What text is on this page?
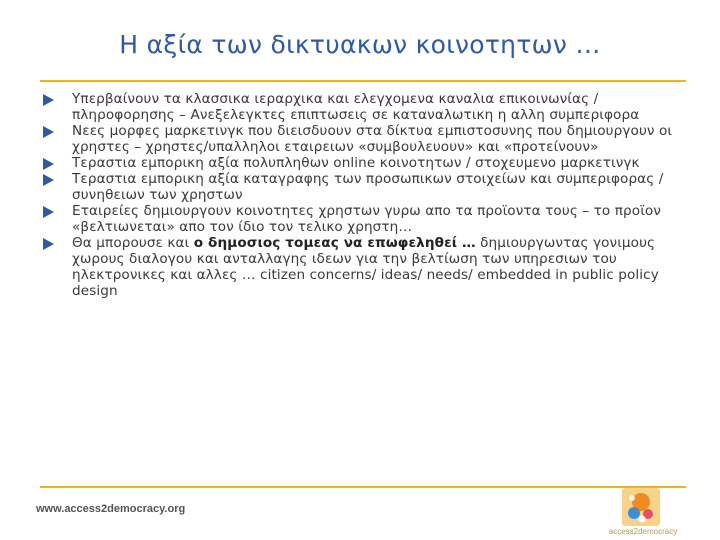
Η αξία των δικτυακων κοινοτητων …
Υπερβαίνουν τα κλασσικα ιεραρχικα και ελεγχομενα καναλια επικοινωνίας / πληροφορησης – Ανεξελεγκτες επιπτωσεις σε καταναλωτικη η αλλη συμπεριφορα
Νεες μορφες μαρκετινγκ που διεισδυουν στα δίκτυα εμπιστοσυνης που δημιουργουν οι χρηστες – χρηστες/υπαλληλοι εταιρειων «συμβουλευουν» και «προτείνουν»
Τεραστια εμπορικη αξία πολυπληθων online κοινοτητων / στοχευμενο μαρκετινγκ
Τεραστια εμπορικη αξία καταγραφης των προσωπικων στοιχείων και συμπεριφορας / συνηθειων των χρηστων
Εταιρείες δημιουργουν κοινοτητες χρηστων γυρω απο τα προϊοντα τους – το προϊον «βελτιωνεται» απο τον ίδιο τον τελικο χρηστη…
Θα μπορουσε και ο δημοσιος τομεας να επωφεληθεί … δημιουργωντας γονιμους χωρους διαλογου και ανταλλαγης ιδεων για την βελτίωση των υπηρεσιων του ηλεκτρονικες και αλλες … citizen concerns/ ideas/ needs/ embedded in public policy design
www.access2democracy.org
access2democracy
